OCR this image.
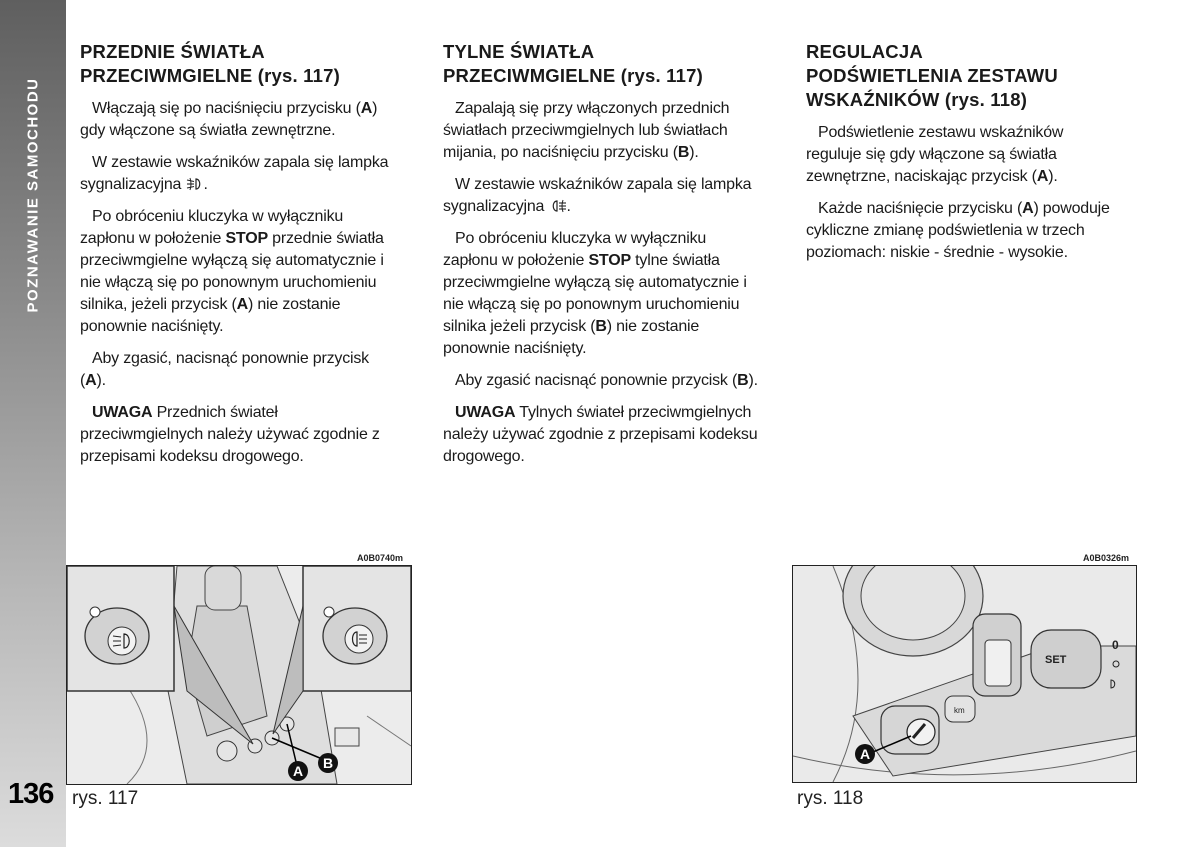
POZNAWANIE SAMOCHODU
136
PRZEDNIE ŚWIATŁA
PRZECIWMGIELNE (rys. 117)

Włączają się po naciśnięciu przycisku (A) gdy włączone są światła zewnętrzne.

W zestawie wskaźników zapala się lampka sygnalizacyjna .

Po obróceniu kluczyka w wyłączniku zapłonu w położenie STOP przednie światła przeciwmgielne wyłączą się automatycznie i nie włączą się po ponownym uruchomieniu silnika, jeżeli przycisk (A) nie zostanie ponownie naciśnięty.

Aby zgasić, nacisnąć ponownie przycisk (A).

UWAGA Przednich świateł przeciwmgielnych należy używać zgodnie z przepisami kodeksu drogowego.

TYLNE ŚWIATŁA
PRZECIWMGIELNE (rys. 117)

Zapalają się przy włączonych przednich światłach przeciwmgielnych lub światłach mijania, po naciśnięciu przycisku (B).

W zestawie wskaźników zapala się lampka sygnalizacyjna .

Po obróceniu kluczyka w wyłączniku zapłonu w położenie STOP tylne światła przeciwmgielne wyłączą się automatycznie i nie włączą się po ponownym uruchomieniu silnika jeżeli przycisk (B) nie zostanie ponownie naciśnięty.

Aby zgasić nacisnąć ponownie przycisk (B).

UWAGA Tylnych świateł przeciwmgielnych należy używać zgodnie z przepisami kodeksu drogowego.

REGULACJA
PODŚWIETLENIA ZESTAWU
WSKAŹNIKÓW (rys. 118)

Podświetlenie zestawu wskaźników reguluje się gdy włączone są światła zewnętrzne, naciskając przycisk (A).

Każde naciśnięcie przycisku (A) powoduje cykliczne zmianę podświetlenia w trzech poziomach: niskie - średnie - wysokie.

A0B0740m
A B
rys. 117
A0B0326m
SET
km
0
A
rys. 118
